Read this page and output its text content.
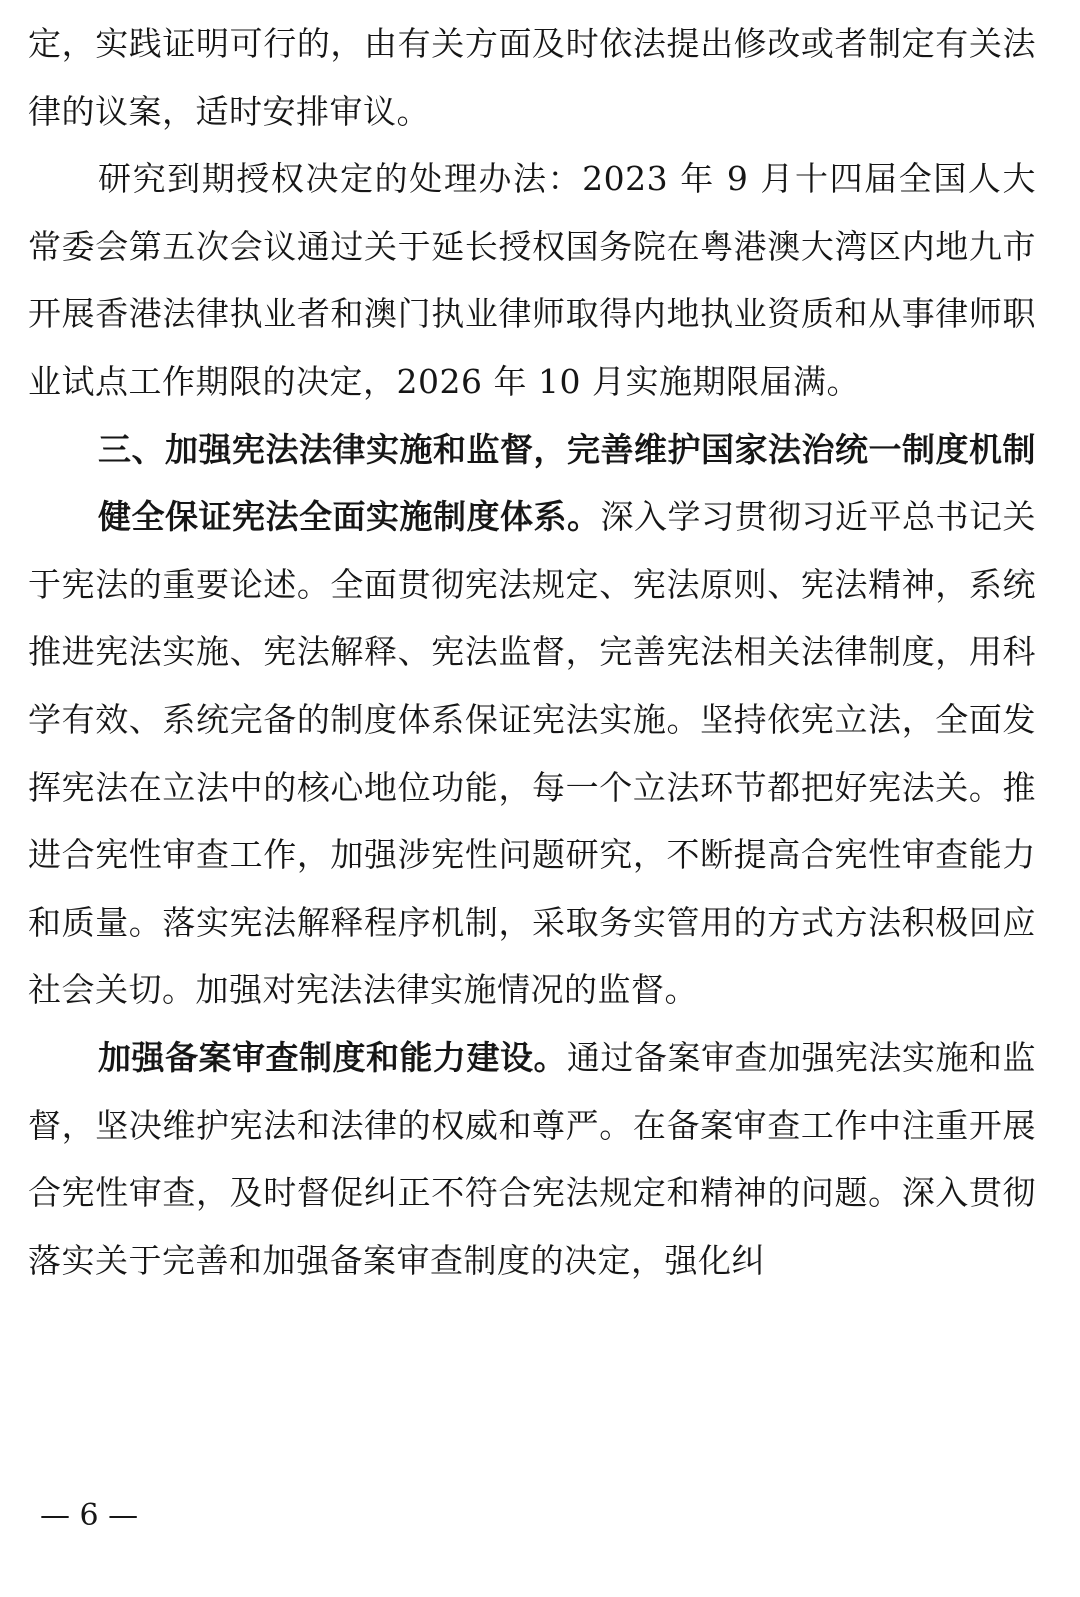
定，实践证明可行的，由有关方面及时依法提出修改或者制定有关法律的议案，适时安排审议。

研究到期授权决定的处理办法：2023 年 9 月十四届全国人大常委会第五次会议通过关于延长授权国务院在粤港澳大湾区内地九市开展香港法律执业者和澳门执业律师取得内地执业资质和从事律师职业试点工作期限的决定，2026 年 10 月实施期限届满。

三、加强宪法法律实施和监督，完善维护国家法治统一制度机制

健全保证宪法全面实施制度体系。深入学习贯彻习近平总书记关于宪法的重要论述。全面贯彻宪法规定、宪法原则、宪法精神，系统推进宪法实施、宪法解释、宪法监督，完善宪法相关法律制度，用科学有效、系统完备的制度体系保证宪法实施。坚持依宪立法，全面发挥宪法在立法中的核心地位功能，每一个立法环节都把好宪法关。推进合宪性审查工作，加强涉宪性问题研究，不断提高合宪性审查能力和质量。落实宪法解释程序机制，采取务实管用的方式方法积极回应社会关切。加强对宪法法律实施情况的监督。

加强备案审查制度和能力建设。通过备案审查加强宪法实施和监督，坚决维护宪法和法律的权威和尊严。在备案审查工作中注重开展合宪性审查，及时督促纠正不符合宪法规定和精神的问题。深入贯彻落实关于完善和加强备案审查制度的决定，强化纠

— 6 —
